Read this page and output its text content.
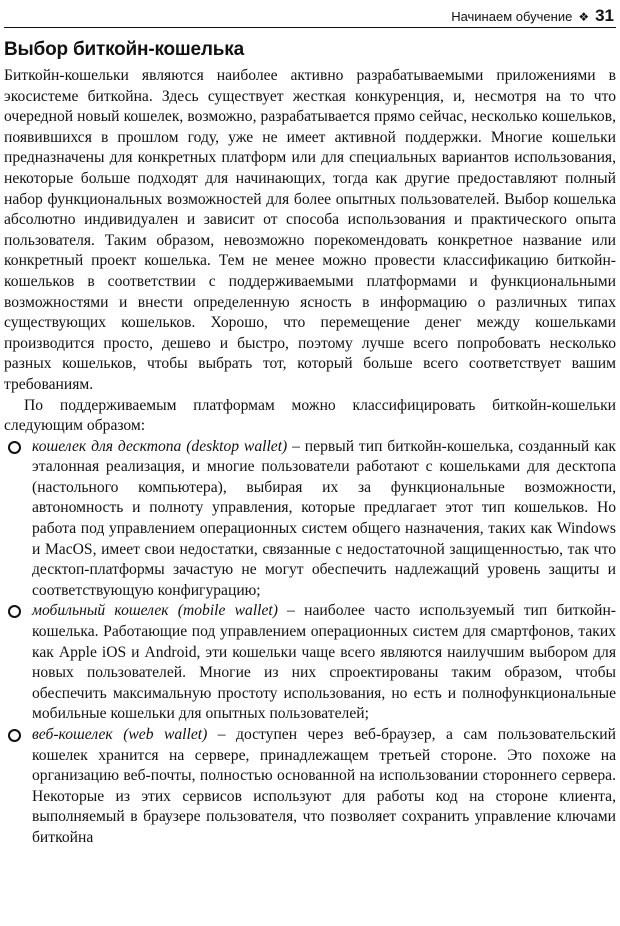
Начинаем обучение ❖ 31
Выбор биткойн-кошелька

Биткойн-кошельки являются наиболее активно разрабатываемыми приложениями в экосистеме биткойна. Здесь существует жесткая конкуренция, и, несмотря на то что очередной новый кошелек, возможно, разрабатывается прямо сейчас, несколько кошельков, появившихся в прошлом году, уже не имеет активной поддержки. Многие кошельки предназначены для конкретных платформ или для специальных вариантов использования, некоторые больше подходят для начинающих, тогда как другие предоставляют полный набор функциональных возможностей для более опытных пользователей. Выбор кошелька абсолютно индивидуален и зависит от способа использования и практического опыта пользователя. Таким образом, невозможно порекомендовать конкретное название или конкретный проект кошелька. Тем не менее можно провести классификацию биткойн-кошельков в соответствии с поддерживаемыми платформами и функциональными возможностями и внести определенную ясность в информацию о различных типах существующих кошельков. Хорошо, что перемещение денег между кошельками производится просто, дешево и быстро, поэтому лучше всего попробовать несколько разных кошельков, чтобы выбрать тот, который больше всего соответствует вашим требованиям.

По поддерживаемым платформам можно классифицировать биткойн-кошельки следующим образом:

кошелек для десктопа (desktop wallet) – первый тип биткойн-кошелька, созданный как эталонная реализация, и многие пользователи работают с кошельками для десктопа (настольного компьютера), выбирая их за функциональные возможности, автономность и полноту управления, которые предлагает этот тип кошельков. Но работа под управлением операционных систем общего назначения, таких как Windows и MacOS, имеет свои недостатки, связанные с недостаточной защищенностью, так что десктоп-платформы зачастую не могут обеспечить надлежащий уровень защиты и соответствующую конфигурацию;
мобильный кошелек (mobile wallet) – наиболее часто используемый тип биткойн-кошелька. Работающие под управлением операционных систем для смартфонов, таких как Apple iOS и Android, эти кошельки чаще всего являются наилучшим выбором для новых пользователей. Многие из них спроектированы таким образом, чтобы обеспечить максимальную простоту использования, но есть и полнофункциональные мобильные кошельки для опытных пользователей;
веб-кошелек (web wallet) – доступен через веб-браузер, а сам пользовательский кошелек хранится на сервере, принадлежащем третьей стороне. Это похоже на организацию веб-почты, полностью основанной на использовании стороннего сервера. Некоторые из этих сервисов используют для работы код на стороне клиента, выполняемый в браузере пользователя, что позволяет сохранить управление ключами биткойна
